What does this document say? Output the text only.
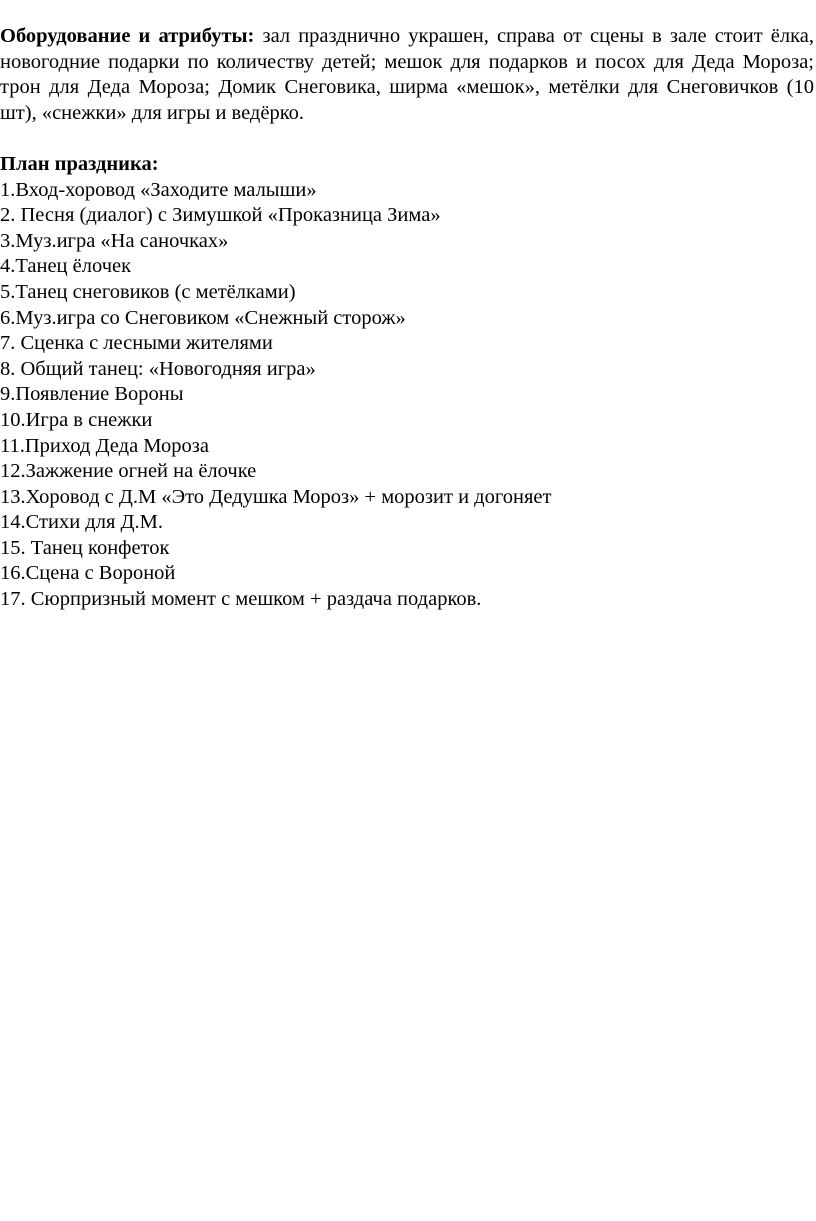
Оборудование и атрибуты: зал празднично украшен, справа от сцены в зале стоит ёлка, новогодние подарки по количеству детей; мешок для подарков и посох для Деда Мороза; трон для Деда Мороза; Домик Снеговика, ширма «мешок», метёлки для Снеговичков (10 шт), «снежки» для игры и ведёрко.

План праздника:
1.Вход-хоровод «Заходите малыши»
2. Песня (диалог) с Зимушкой «Проказница Зима»
3.Муз.игра «На саночках»
4.Танец ёлочек
5.Танец снеговиков (с метёлками)
6.Муз.игра со Снеговиком «Снежный сторож»
7. Сценка с лесными жителями
8. Общий танец: «Новогодняя игра»
9.Появление Вороны
10.Игра в снежки
11.Приход Деда Мороза
12.Зажжение огней на ёлочке
13.Хоровод с Д.М «Это Дедушка Мороз» + морозит и догоняет
14.Стихи для Д.М.
15. Танец конфеток
16.Сцена с Вороной
17. Сюрпризный момент с мешком + раздача подарков.
